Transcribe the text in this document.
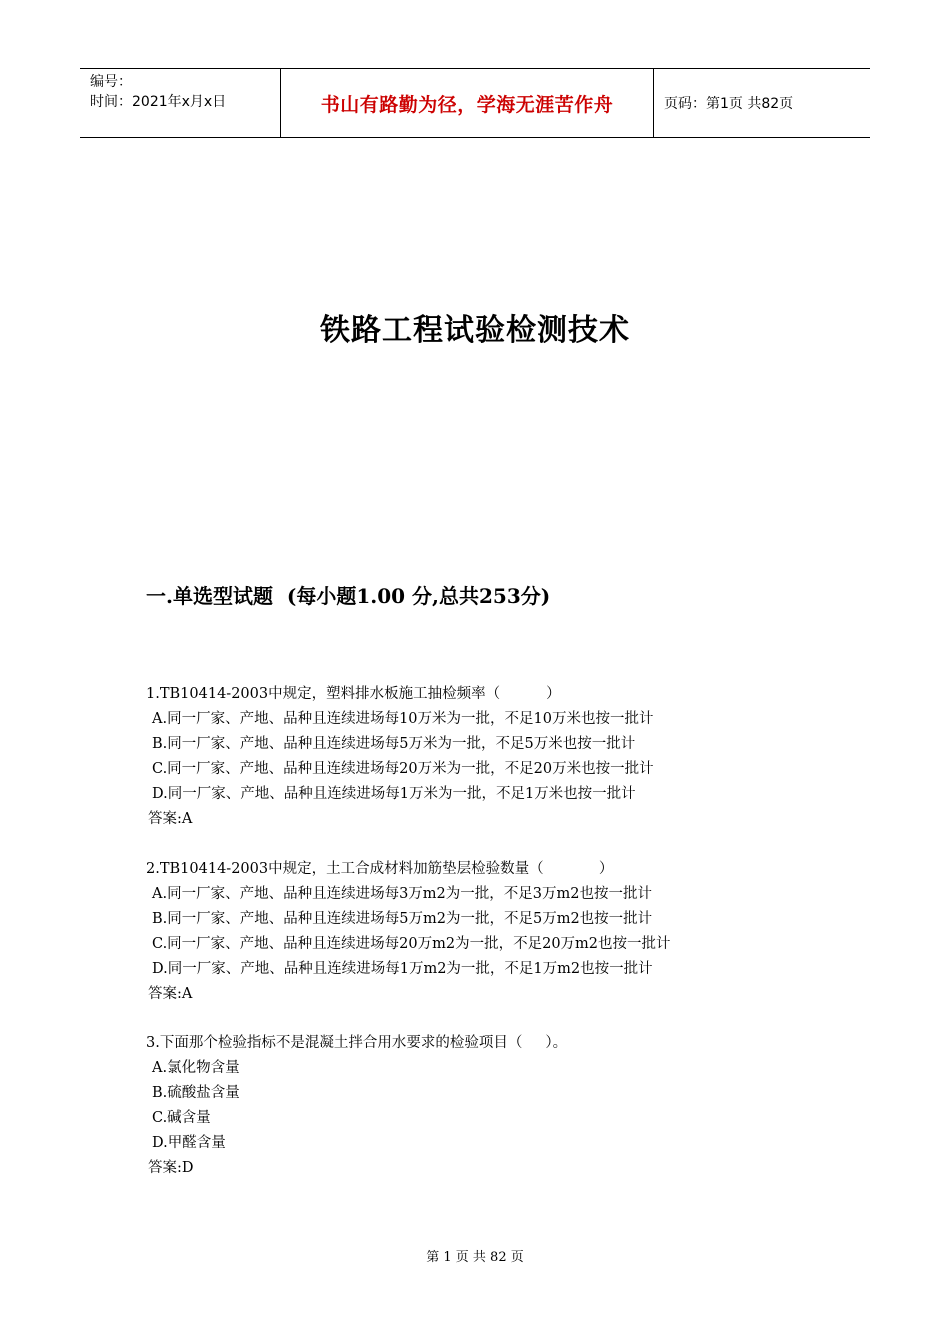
编号：
时间：2021年x月x日	书山有路勤为径，学海无涯苦作舟	页码：第1页 共82页
铁路工程试验检测技术
一.单选型试题  (每小题1.00 分,总共253分)
1.TB10414-2003中规定，塑料排水板施工抽检频率（          ）
A.同一厂家、产地、品种且连续进场每10万米为一批，不足10万米也按一批计
B.同一厂家、产地、品种且连续进场每5万米为一批，不足5万米也按一批计
C.同一厂家、产地、品种且连续进场每20万米为一批，不足20万米也按一批计
D.同一厂家、产地、品种且连续进场每1万米为一批，不足1万米也按一批计
答案:A
2.TB10414-2003中规定，土工合成材料加筋垫层检验数量（            ）
A.同一厂家、产地、品种且连续进场每3万m2为一批，不足3万m2也按一批计
B.同一厂家、产地、品种且连续进场每5万m2为一批，不足5万m2也按一批计
C.同一厂家、产地、品种且连续进场每20万m2为一批，不足20万m2也按一批计
D.同一厂家、产地、品种且连续进场每1万m2为一批，不足1万m2也按一批计
答案:A
3.下面那个检验指标不是混凝土拌合用水要求的检验项目（     ）。
A.氯化物含量
B.硫酸盐含量
C.碱含量
D.甲醛含量
答案:D
第 1 页 共 82 页
